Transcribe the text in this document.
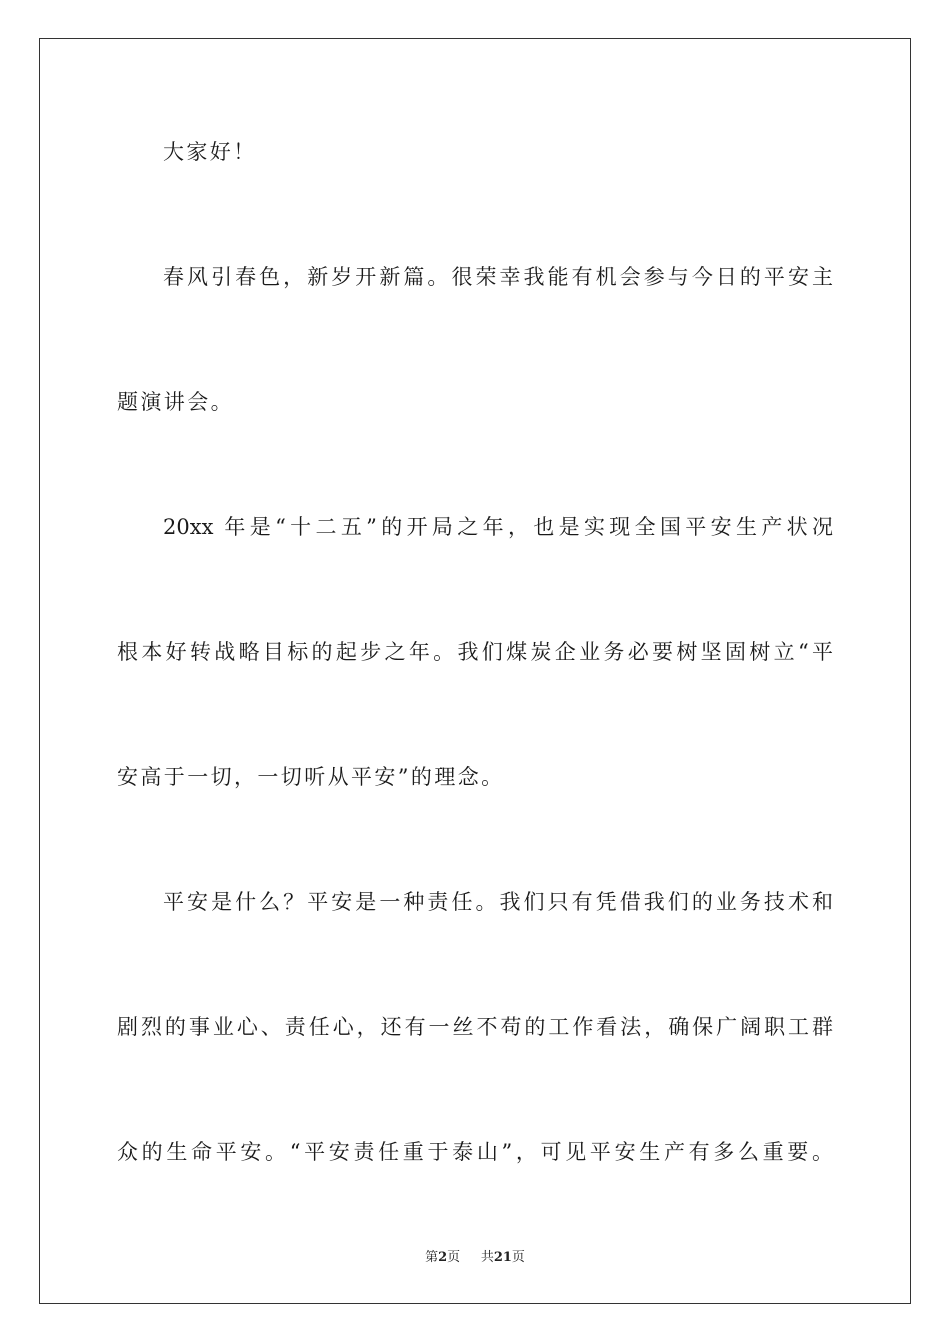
大家好！
春风引春色，新岁开新篇。很荣幸我能有机会参与今日的平安主
题演讲会。
20xx 年是“十二五”的开局之年，也是实现全国平安生产状况
根本好转战略目标的起步之年。我们煤炭企业务必要树坚固树立“平
安高于一切，一切听从平安”的理念。
平安是什么？平安是一种责任。我们只有凭借我们的业务技术和
剧烈的事业心、责任心，还有一丝不苟的工作看法，确保广阔职工群
众的生命平安。“平安责任重于泰山”，可见平安生产有多么重要。
第2页 共21页
